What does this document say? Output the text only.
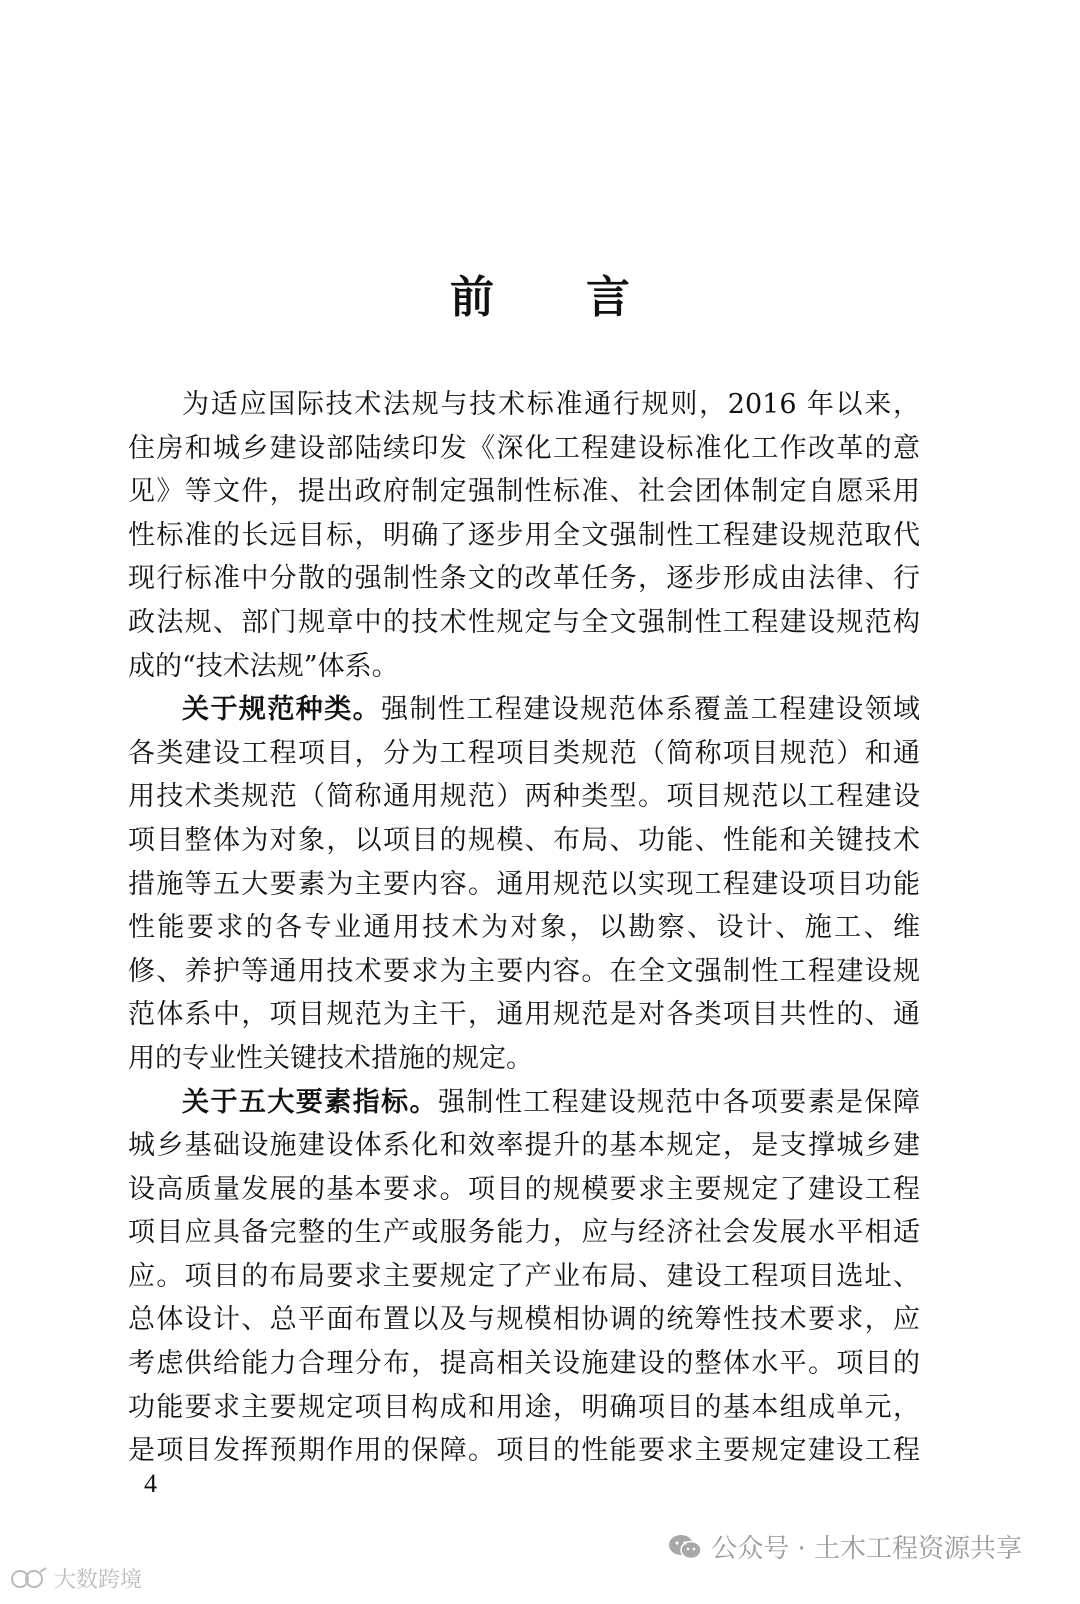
前 言
为适应国际技术法规与技术标准通行规则，2016 年以来，
住房和城乡建设部陆续印发《深化工程建设标准化工作改革的意
见》等文件，提出政府制定强制性标准、社会团体制定自愿采用
性标准的长远目标，明确了逐步用全文强制性工程建设规范取代
现行标准中分散的强制性条文的改革任务，逐步形成由法律、行
政法规、部门规章中的技术性规定与全文强制性工程建设规范构
成的“技术法规”体系。
关于规范种类。强制性工程建设规范体系覆盖工程建设领域
各类建设工程项目，分为工程项目类规范（简称项目规范）和通
用技术类规范（简称通用规范）两种类型。项目规范以工程建设
项目整体为对象，以项目的规模、布局、功能、性能和关键技术
措施等五大要素为主要内容。通用规范以实现工程建设项目功能
性能要求的各专业通用技术为对象，以勘察、设计、施工、维
修、养护等通用技术要求为主要内容。在全文强制性工程建设规
范体系中，项目规范为主干，通用规范是对各类项目共性的、通
用的专业性关键技术措施的规定。
关于五大要素指标。强制性工程建设规范中各项要素是保障
城乡基础设施建设体系化和效率提升的基本规定，是支撑城乡建
设高质量发展的基本要求。项目的规模要求主要规定了建设工程
项目应具备完整的生产或服务能力，应与经济社会发展水平相适
应。项目的布局要求主要规定了产业布局、建设工程项目选址、
总体设计、总平面布置以及与规模相协调的统筹性技术要求，应
考虑供给能力合理分布，提高相关设施建设的整体水平。项目的
功能要求主要规定项目构成和用途，明确项目的基本组成单元，
是项目发挥预期作用的保障。项目的性能要求主要规定建设工程
4
公众号 · 土木工程资源共享
大数跨境
